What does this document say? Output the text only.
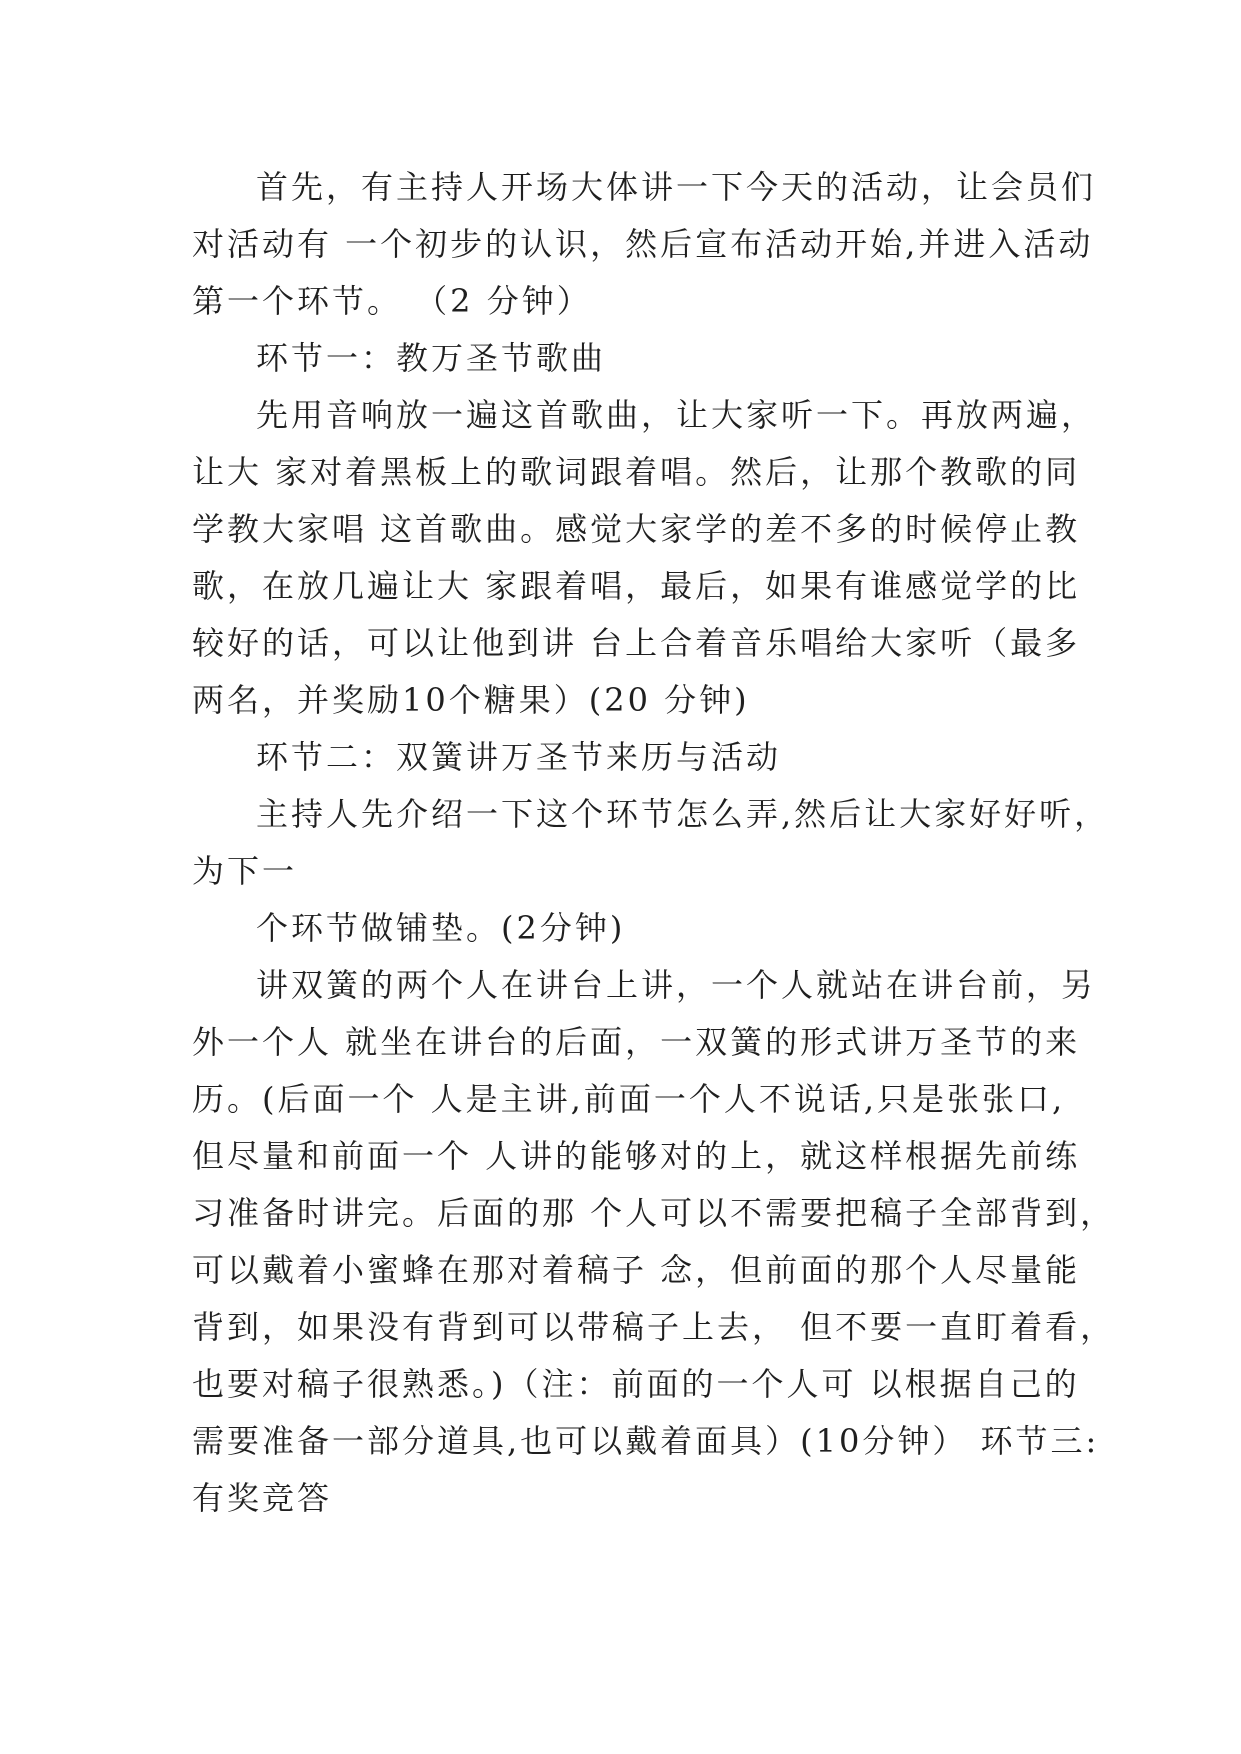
首先，有主持人开场大体讲一下今天的活动，让会员们
对活动有 一个初步的认识，然后宣布活动开始,并进入活动
第一个环节。 （2 分钟）
环节一：教万圣节歌曲
先用音响放一遍这首歌曲，让大家听一下。再放两遍，
让大 家对着黑板上的歌词跟着唱。然后，让那个教歌的同
学教大家唱 这首歌曲。感觉大家学的差不多的时候停止教
歌，在放几遍让大 家跟着唱，最后，如果有谁感觉学的比
较好的话，可以让他到讲 台上合着音乐唱给大家听（最多
两名，并奖励10个糖果）(20 分钟)
环节二：双簧讲万圣节来历与活动
主持人先介绍一下这个环节怎么弄,然后让大家好好听，
为下一
个环节做铺垫。(2分钟)
讲双簧的两个人在讲台上讲，一个人就站在讲台前，另
外一个人 就坐在讲台的后面，一双簧的形式讲万圣节的来
历。(后面一个 人是主讲,前面一个人不说话,只是张张口,
但尽量和前面一个 人讲的能够对的上，就这样根据先前练
习准备时讲完。后面的那 个人可以不需要把稿子全部背到，
可以戴着小蜜蜂在那对着稿子 念，但前面的那个人尽量能
背到，如果没有背到可以带稿子上去， 但不要一直盯着看，
也要对稿子很熟悉。)（注：前面的一个人可 以根据自己的
需要准备一部分道具,也可以戴着面具）(10分钟） 环节三:
有奖竞答
